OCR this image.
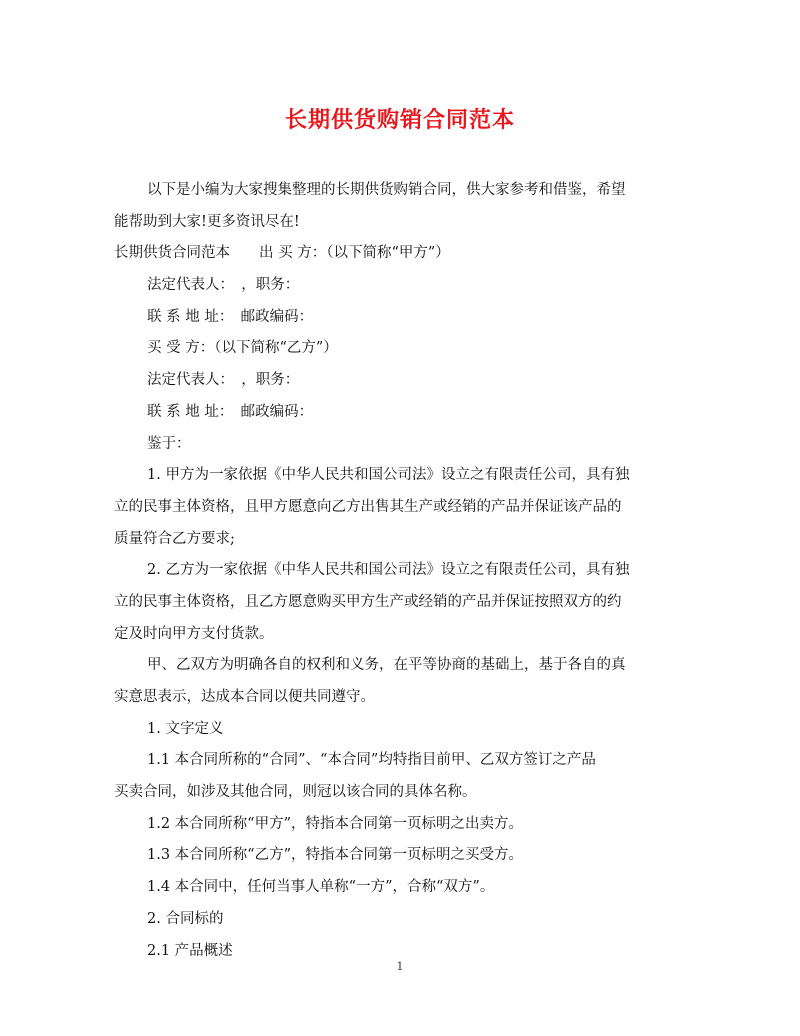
长期供货购销合同范本
以下是小编为大家搜集整理的长期供货购销合同，供大家参考和借鉴，希望
能帮助到大家!更多资讯尽在!
长期供货合同范本　　出 买 方：（以下简称“甲方”）
法定代表人：　，职务：
联 系 地 址：　邮政编码：
买 受 方：（以下简称“乙方”）
法定代表人：　，职务：
联 系 地 址：　邮政编码：
鉴于：
1. 甲方为一家依据《中华人民共和国公司法》设立之有限责任公司，具有独
立的民事主体资格，且甲方愿意向乙方出售其生产或经销的产品并保证该产品的
质量符合乙方要求;
2. 乙方为一家依据《中华人民共和国公司法》设立之有限责任公司，具有独
立的民事主体资格，且乙方愿意购买甲方生产或经销的产品并保证按照双方的约
定及时向甲方支付货款。
甲、乙双方为明确各自的权利和义务，在平等协商的基础上，基于各自的真
实意思表示，达成本合同以便共同遵守。
1. 文字定义
1.1 本合同所称的“合同”、“本合同”均特指目前甲、乙双方签订之产品
买卖合同，如涉及其他合同，则冠以该合同的具体名称。
1.2 本合同所称“甲方”，特指本合同第一页标明之出卖方。
1.3 本合同所称“乙方”，特指本合同第一页标明之买受方。
1.4 本合同中，任何当事人单称“一方”，合称“双方”。
2. 合同标的
2.1 产品概述
1
